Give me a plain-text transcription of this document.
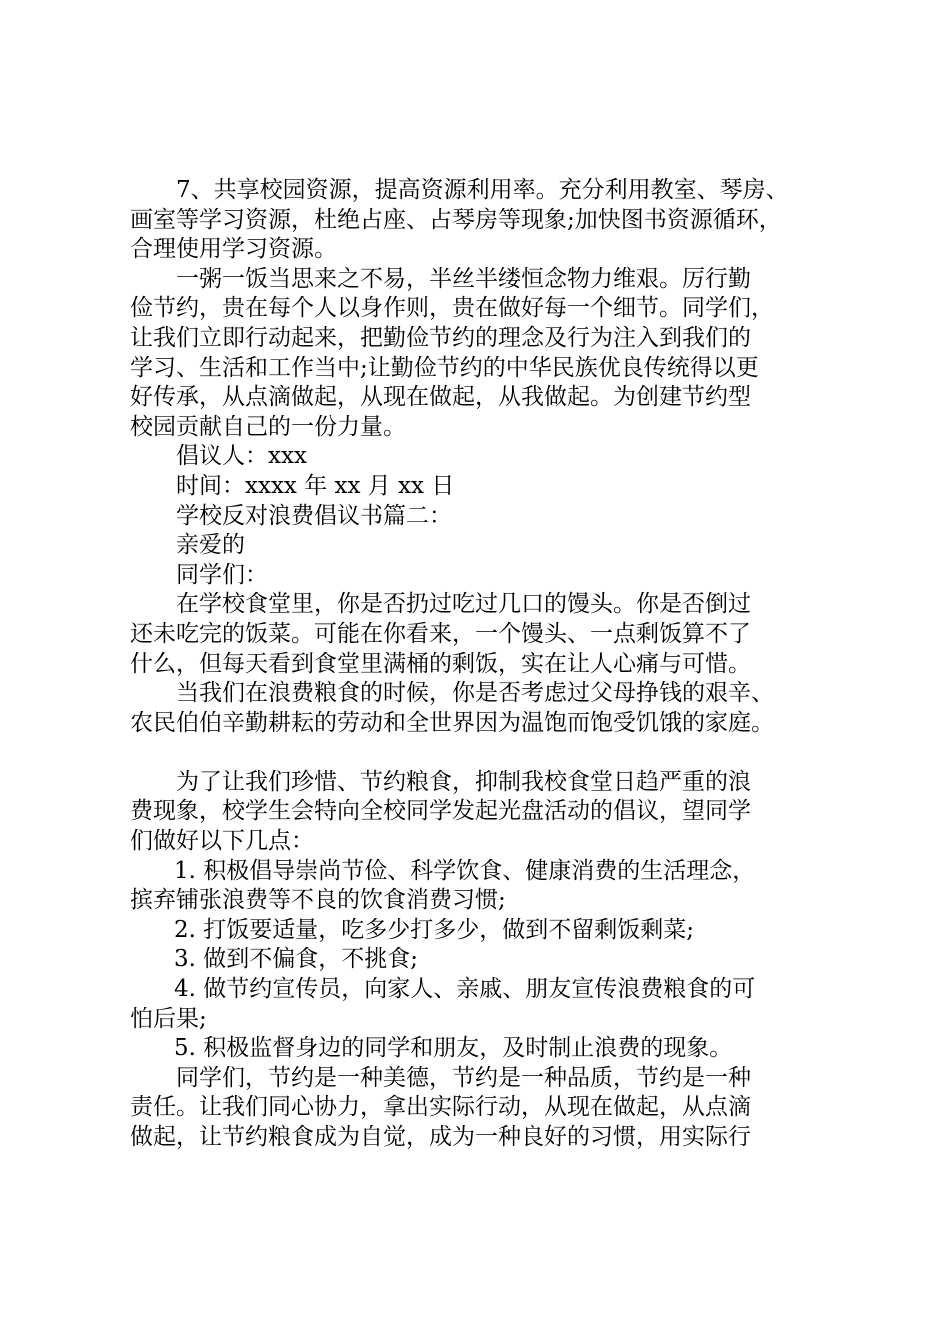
7、共享校园资源，提高资源利用率。充分利用教室、琴房、
画室等学习资源，杜绝占座、占琴房等现象;加快图书资源循环，
合理使用学习资源。
一粥一饭当思来之不易，半丝半缕恒念物力维艰。厉行勤
俭节约，贵在每个人以身作则，贵在做好每一个细节。同学们，
让我们立即行动起来，把勤俭节约的理念及行为注入到我们的
学习、生活和工作当中;让勤俭节约的中华民族优良传统得以更
好传承，从点滴做起，从现在做起，从我做起。为创建节约型
校园贡献自己的一份力量。
倡议人：xxx
时间：xxxx 年 xx 月 xx 日
学校反对浪费倡议书篇二：
亲爱的
同学们：
在学校食堂里，你是否扔过吃过几口的馒头。你是否倒过
还未吃完的饭菜。可能在你看来，一个馒头、一点剩饭算不了
什么，但每天看到食堂里满桶的剩饭，实在让人心痛与可惜。
当我们在浪费粮食的时候，你是否考虑过父母挣钱的艰辛、
农民伯伯辛勤耕耘的劳动和全世界因为温饱而饱受饥饿的家庭。
为了让我们珍惜、节约粮食，抑制我校食堂日趋严重的浪
费现象，校学生会特向全校同学发起光盘活动的倡议，望同学
们做好以下几点：
1. 积极倡导崇尚节俭、科学饮食、健康消费的生活理念，
摈弃铺张浪费等不良的饮食消费习惯;
2. 打饭要适量，吃多少打多少，做到不留剩饭剩菜;
3. 做到不偏食，不挑食;
4. 做节约宣传员，向家人、亲戚、朋友宣传浪费粮食的可
怕后果;
5. 积极监督身边的同学和朋友，及时制止浪费的现象。
同学们，节约是一种美德，节约是一种品质，节约是一种
责任。让我们同心协力，拿出实际行动，从现在做起，从点滴
做起，让节约粮食成为自觉，成为一种良好的习惯，用实际行
